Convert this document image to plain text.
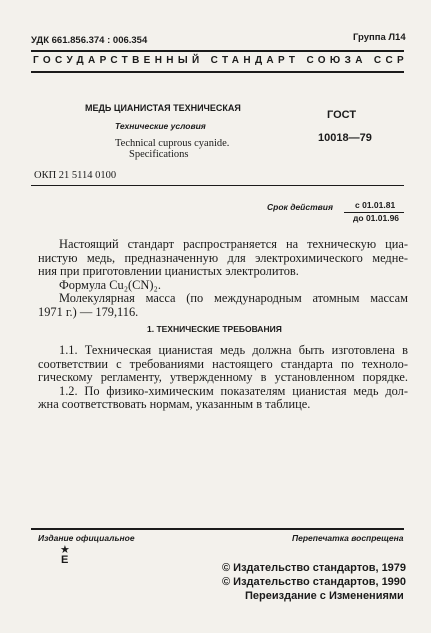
УДК 661.856.374 : 006.354	Группа Л14
ГОСУДАРСТВЕННЫЙ СТАНДАРТ СОЮЗА ССР
МЕДЬ ЦИАНИСТАЯ ТЕХНИЧЕСКАЯ
Технические условия
Technical cuprous cyanide.
Specifications
ГОСТ
10018—79
ОКП 21 5114 0100
Срок действия	с 01.01.81
до 01.01.96
Настоящий стандарт распространяется на техническую циа-
нистую медь, предназначенную для электрохимического медне-
ния при приготовлении цианистых электролитов.
Формула Cu₂(CN)₂.
Молекулярная масса (по международным атомным массам
1971 г.) — 179,116.
1. ТЕХНИЧЕСКИЕ ТРЕБОВАНИЯ
1.1. Техническая цианистая медь должна быть изготовлена в
соответствии с требованиями настоящего стандарта по техноло-
гическому регламенту, утвержденному в установленном порядке.
1.2. По физико-химическим показателям цианистая медь дол-
жна соответствовать нормам, указанным в таблице.
Издание официальное	Перепечатка воспрещена
★
Е
© Издательство стандартов, 1979
© Издательство стандартов, 1990
Переиздание с Изменениями
